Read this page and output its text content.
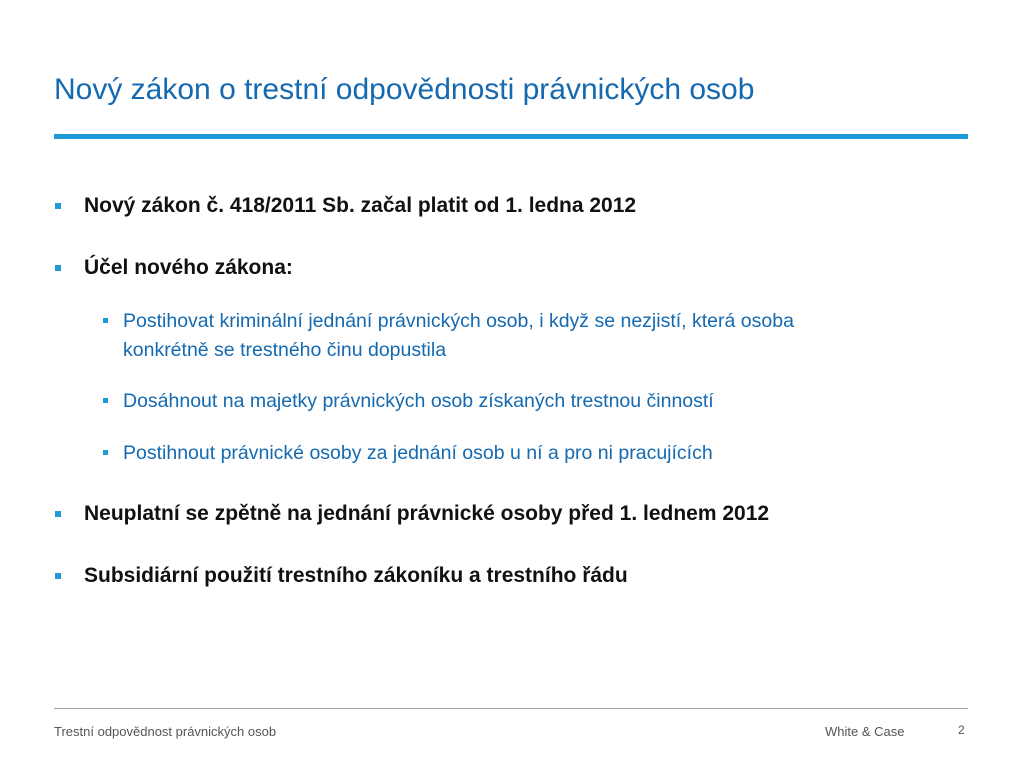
Nový zákon o trestní odpovědnosti právnických osob
Nový zákon č. 418/2011 Sb. začal platit od 1. ledna 2012
Účel nového zákona:
Postihovat kriminální jednání právnických osob, i když se nezjistí, která osoba
konkrétně se trestného činu dopustila
Dosáhnout na majetky právnických osob získaných trestnou činností
Postihnout právnické osoby za jednání osob u ní a pro ni pracujících
Neuplatní se zpětně na jednání právnické osoby před 1. lednem 2012
Subsidiární použití trestního zákoníku a trestního řádu
Trestní odpovědnost právnických osob	White & Case	2
